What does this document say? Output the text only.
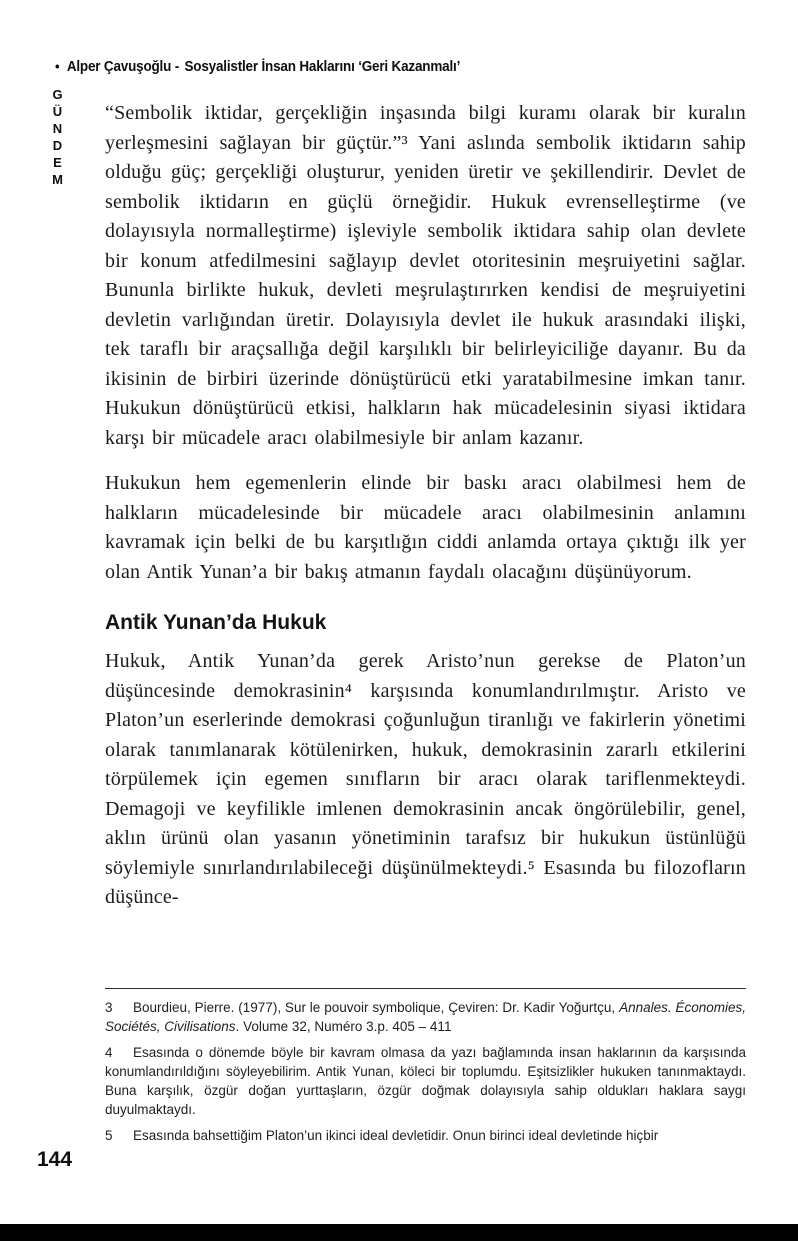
• Alper Çavuşoğlu - Sosyalistler İnsan Haklarını ‘Geri Kazanmalı’
GÜNDEM “Sembolik iktidar, gerçekliğin inşasında bilgi kuramı olarak bir kuralın yerleşmesini sağlayan bir güçtür.”³ Yani aslında sembolik iktidarın sahip olduğu güç; gerçekliği oluşturur, yeniden üretir ve şekillendirir. Devlet de sembolik iktidarın en güçlü örneğidir. Hukuk evrenselleştirme (ve dolayısıyla normalleştirme) işleviyle sembolik iktidara sahip olan devlete bir konum atfedilmesini sağlayıp devlet otoritesinin meşruiyetini sağlar. Bununla birlikte hukuk, devleti meşrulaştırırken kendisi de meşruiyetini devletin varlığından üretir. Dolayısıyla devlet ile hukuk arasındaki ilişki, tek taraflı bir araçsallığa değil karşılıklı bir belirleyiciliğe dayanır. Bu da ikisinin de birbiri üzerinde dönüştürücü etki yaratabilmesine imkan tanır. Hukukun dönüştürücü etkisi, halkların hak mücadelesinin siyasi iktidara karşı bir mücadele aracı olabilmesiyle bir anlam kazanır.

Hukukun hem egemenlerin elinde bir baskı aracı olabilmesi hem de halkların mücadelesinde bir mücadele aracı olabilmesinin anlamını kavramak için belki de bu karşıtlığın ciddi anlamda ortaya çıktığı ilk yer olan Antik Yunan’a bir bakış atmanın faydalı olacağını düşünüyorum.

Antik Yunan’da Hukuk

Hukuk, Antik Yunan’da gerek Aristo’nun gerekse de Platon’un düşüncesinde demokrasinin⁴ karşısında konumlandırılmıştır. Aristo ve Platon’un eserlerinde demokrasi çoğunluğun tiranlığı ve fakirlerin yönetimi olarak tanımlanarak kötülenirken, hukuk, demokrasinin zararlı etkilerini törpülemek için egemen sınıfların bir aracı olarak tariflenmekteydi. Demagoji ve keyfilikle imlenen demokrasinin ancak öngörülebilir, genel, aklın ürünü olan yasanın yönetiminin tarafsız bir hukukun üstünlüğü söylemiyle sınırlandırılabileceği düşünülmekteydi.⁵ Esasında bu filozofların düşünce-

3 Bourdieu, Pierre. (1977), Sur le pouvoir symbolique, Çeviren: Dr. Kadir Yoğurtçu, Annales. Économies, Sociétés, Civilisations. Volume 32, Numéro 3.p. 405 – 411

4 Esasında o dönemde böyle bir kavram olmasa da yazı bağlamında insan haklarının da karşısında konumlandırıldığını söyleyebilirim. Antik Yunan, köleci bir toplumdu. Eşitsizlikler hukuken tanınmaktaydı. Buna karşılık, özgür doğan yurttaşların, özgür doğmak dolayısıyla sahip oldukları haklara saygı duyulmaktaydı.

5 Esasında bahsettiğim Platon’un ikinci ideal devletidir. Onun birinci ideal devletinde hiçbir

144
